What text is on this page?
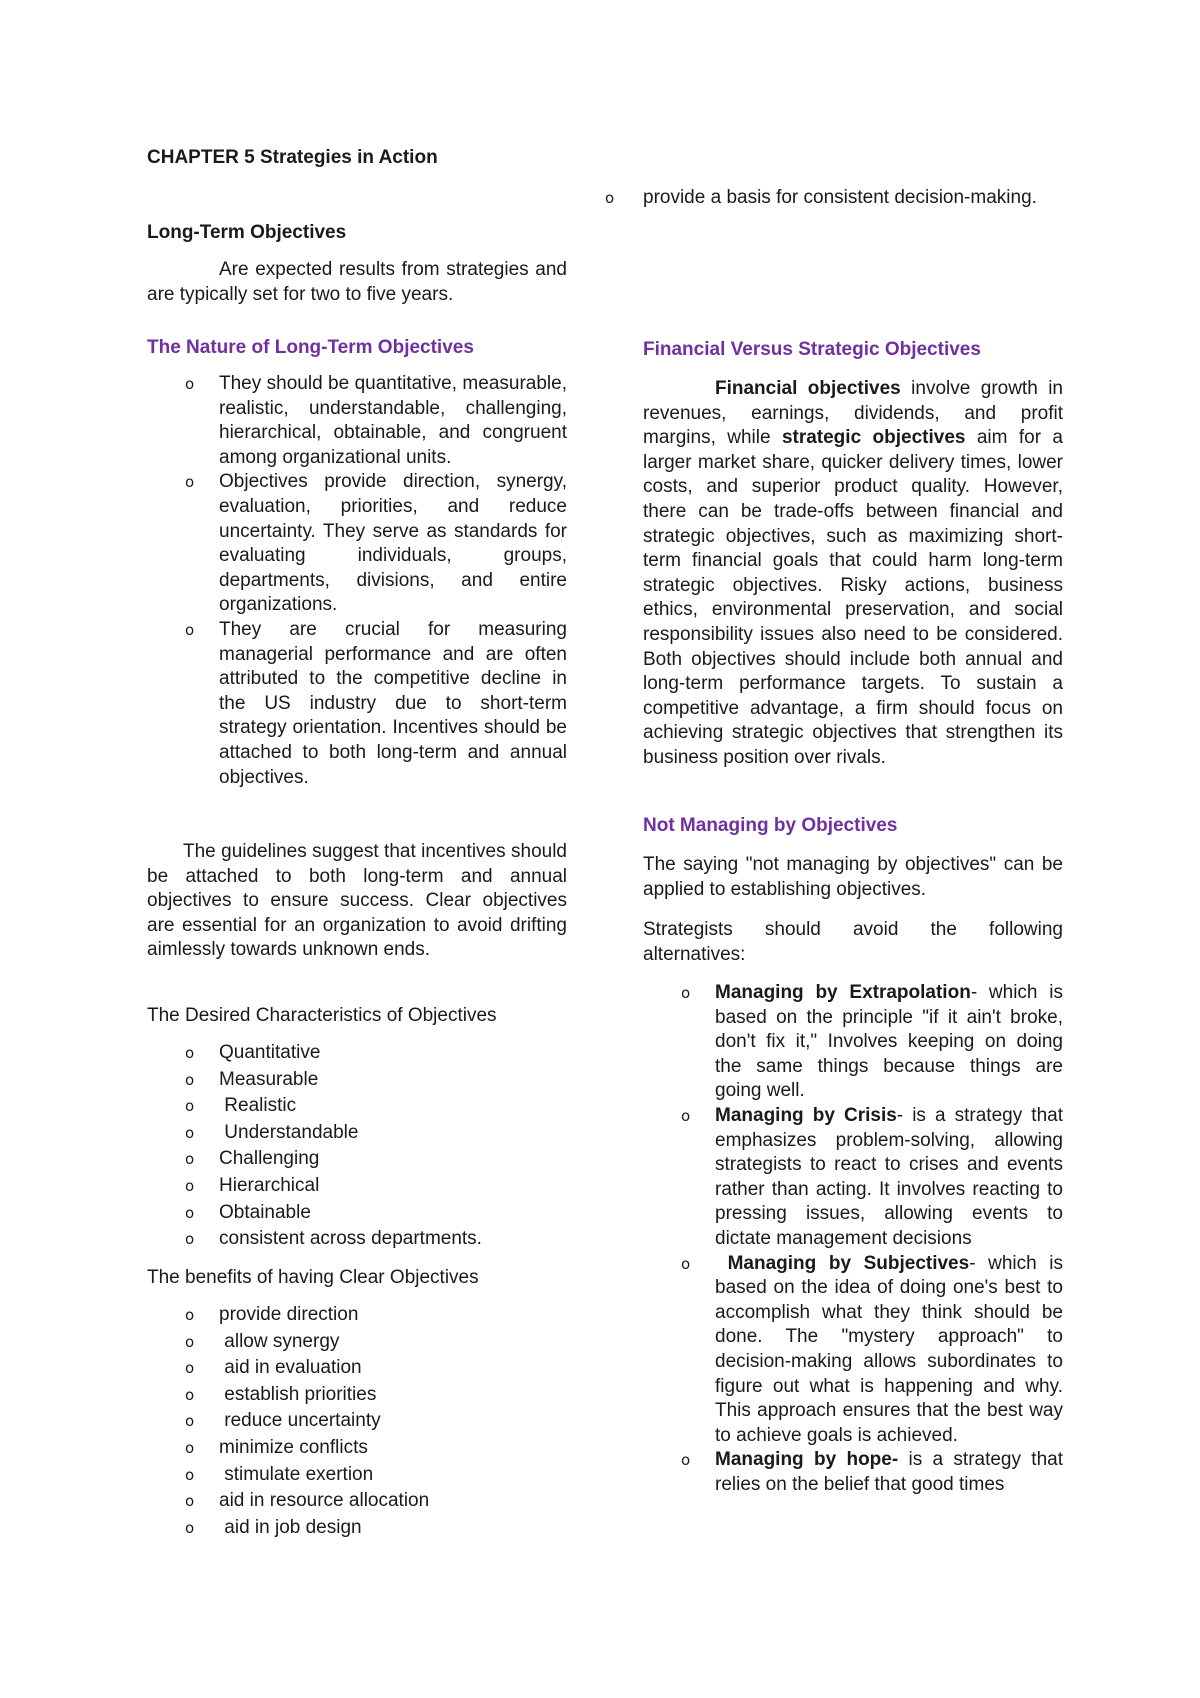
CHAPTER 5 Strategies in Action

Long-Term Objectives

Are expected results from strategies and are typically set for two to five years.

The Nature of Long-Term Objectives

o They should be quantitative, measurable, realistic, understandable, challenging, hierarchical, obtainable, and congruent among organizational units.
o Objectives provide direction, synergy, evaluation, priorities, and reduce uncertainty. They serve as standards for evaluating individuals, groups, departments, divisions, and entire organizations.
o They are crucial for measuring managerial performance and are often attributed to the competitive decline in the US industry due to short-term strategy orientation. Incentives should be attached to both long-term and annual objectives.

The guidelines suggest that incentives should be attached to both long-term and annual objectives to ensure success. Clear objectives are essential for an organization to avoid drifting aimlessly towards unknown ends.

The Desired Characteristics of Objectives

o Quantitative
o Measurable
o Realistic
o Understandable
o Challenging
o Hierarchical
o Obtainable
o consistent across departments.

The benefits of having Clear Objectives

o provide direction
o allow synergy
o aid in evaluation
o establish priorities
o reduce uncertainty
o minimize conflicts
o stimulate exertion
o aid in resource allocation
o aid in job design
o provide a basis for consistent decision-making.

Financial Versus Strategic Objectives

Financial objectives involve growth in revenues, earnings, dividends, and profit margins, while strategic objectives aim for a larger market share, quicker delivery times, lower costs, and superior product quality. However, there can be trade-offs between financial and strategic objectives, such as maximizing short-term financial goals that could harm long-term strategic objectives. Risky actions, business ethics, environmental preservation, and social responsibility issues also need to be considered. Both objectives should include both annual and long-term performance targets. To sustain a competitive advantage, a firm should focus on achieving strategic objectives that strengthen its business position over rivals.

Not Managing by Objectives

The saying "not managing by objectives" can be applied to establishing objectives.

Strategists should avoid the following alternatives:

o Managing by Extrapolation- which is based on the principle "if it ain't broke, don't fix it," Involves keeping on doing the same things because things are going well.
o Managing by Crisis- is a strategy that emphasizes problem-solving, allowing strategists to react to crises and events rather than acting. It involves reacting to pressing issues, allowing events to dictate management decisions
o Managing by Subjectives- which is based on the idea of doing one's best to accomplish what they think should be done. The "mystery approach" to decision-making allows subordinates to figure out what is happening and why. This approach ensures that the best way to achieve goals is achieved.
o Managing by hope- is a strategy that relies on the belief that good times
